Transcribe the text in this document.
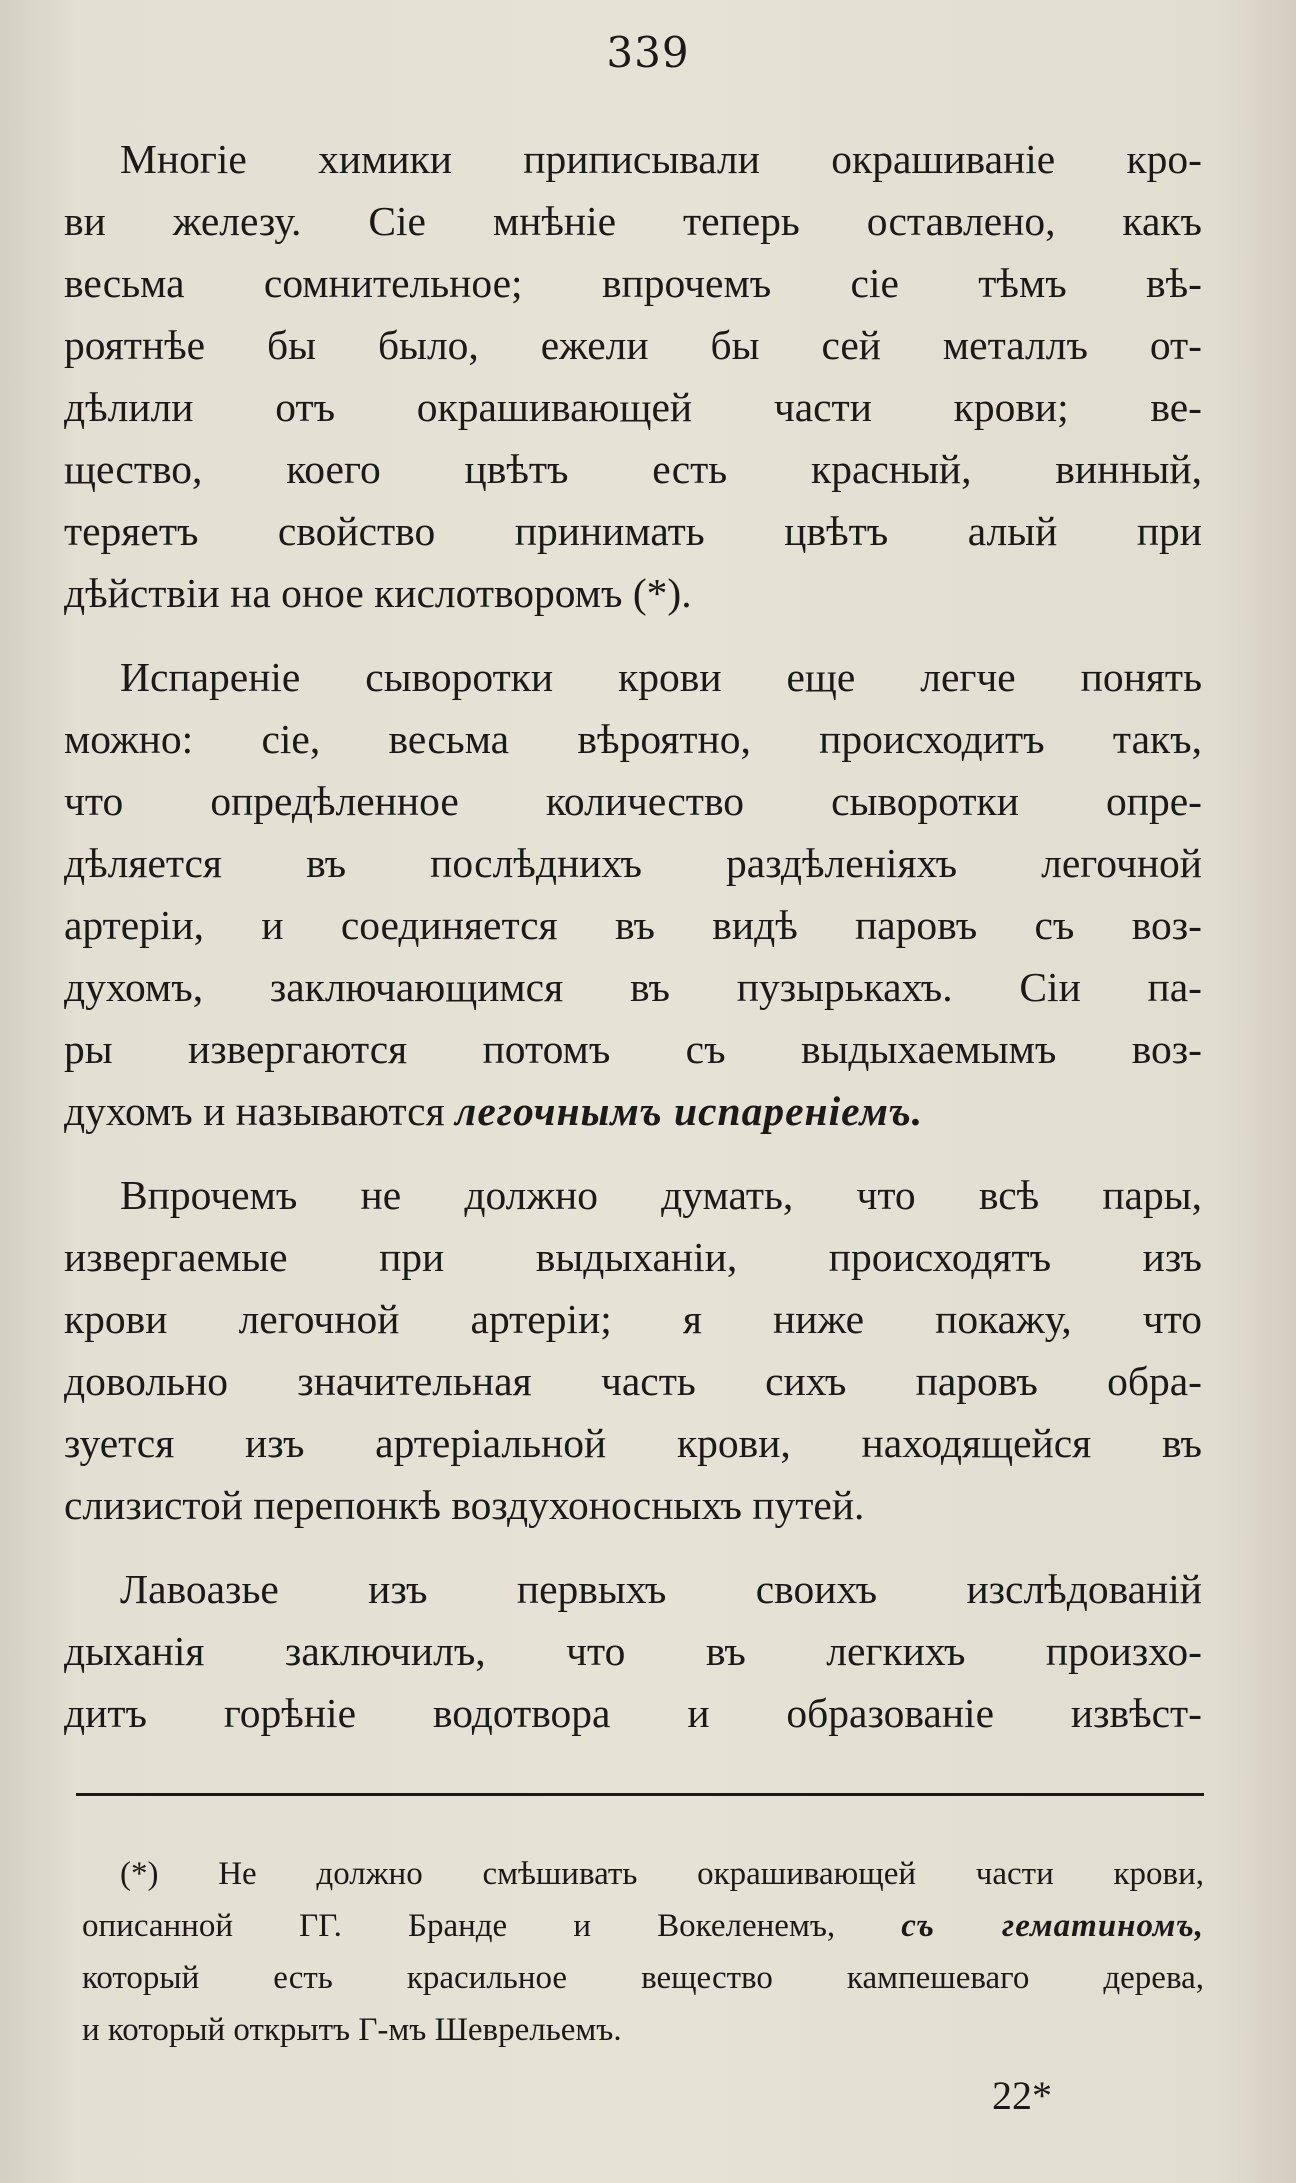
339

Многіе химики приписывали окрашиваніе кро-
ви железу. Сіе мнѣніе теперь оставлено, какъ
весьма сомнительное; впрочемъ сіе тѣмъ вѣ-
роятнѣе бы было, ежели бы сей металлъ от-
дѣлили отъ окрашивающей части крови; ве-
щество, коего цвѣтъ есть красный, винный,
теряетъ свойство принимать цвѣтъ алый при
дѣйствіи на оное кислотворомъ (*).

Испареніе сыворотки крови еще легче понять
можно: сіе, весьма вѣроятно, происходитъ такъ,
что опредѣленное количество сыворотки опре-
дѣляется въ послѣднихъ раздѣленіяхъ легочной
артеріи, и соединяется въ видѣ паровъ съ воз-
духомъ, заключающимся въ пузырькахъ. Сіи па-
ры извергаются потомъ съ выдыхаемымъ воз-
духомъ и называются легочнымъ испареніемъ.

Впрочемъ не должно думать, что всѣ пары,
извергаемые при выдыханіи, происходятъ изъ
крови легочной артеріи; я ниже покажу, что
довольно значительная часть сихъ паровъ обра-
зуется изъ артеріальной крови, находящейся въ
слизистой перепонкѣ воздухоносныхъ путей.

Лавоазье изъ первыхъ своихъ изслѣдованій
дыханія заключилъ, что въ легкихъ произхо-
дитъ горѣніе водотвора и образованіе извѣст-

(*) Не должно смѣшивать окрашивающей части крови,
описанной ГГ. Бранде и Вокеленемъ, съ гематиномъ,
который есть красильное вещество кампешеваго дерева,
и который открытъ Г-мъ Шеврельемъ.
22*
